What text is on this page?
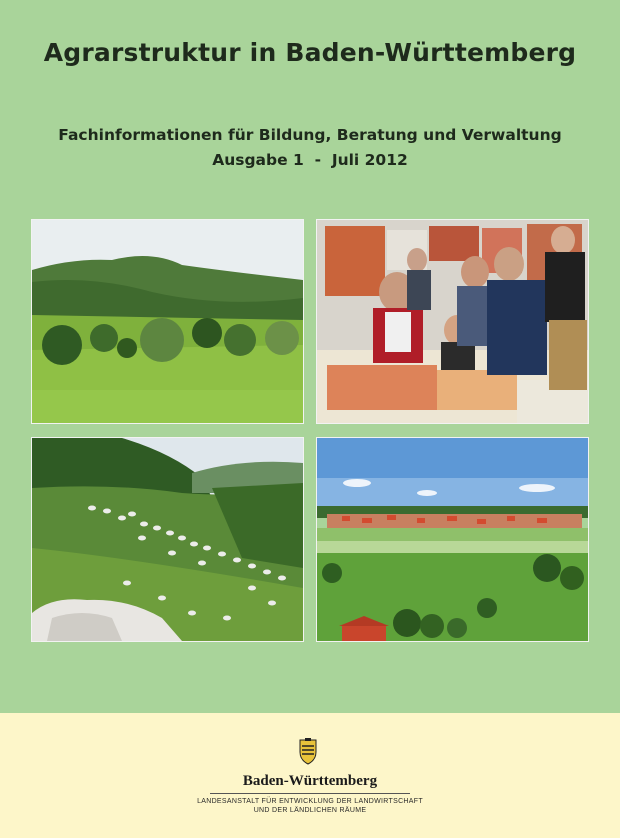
Agrarstruktur in Baden-Württemberg
Fachinformationen für Bildung, Beratung und Verwaltung
Ausgabe 1  -  Juli 2012
Baden-Württemberg
LANDESANSTALT FÜR ENTWICKLUNG DER LANDWIRTSCHAFT
UND DER LÄNDLICHEN RÄUME
